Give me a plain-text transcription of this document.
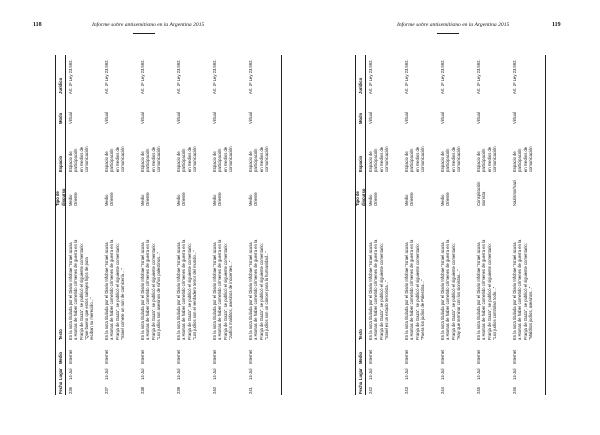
118	Informe sobre antisemitismo en la Argentina 2015
Fecha
Lugar
Medio
Texto
Tipo de discurso
Espacio
Modo
Jurídico
236
14-Jul
Internet
En la nota titulada por el Diario Infobae "Israel acusa a Hamas de haber cometido crímenes de guerra en la Franja de Gaza", se publicó el siguiente comentario: "Que bueno que estos salvajes hijos de puta reciban su merecido..."
Medio Oriente
Espacio de participación en medios de comunicación
Virtual
Art. 3º Ley 23.592.
237
14-Jul
Internet
En la nota titulada por el Diario Infobae "Israel acusa a Hamas de haber cometido crímenes de guerra en la Franja de Gaza", se publicó el siguiente comentario: "Israel comete un ruin de carnicería ..."
Medio Oriente
Espacio de participación en medios de comunicación
Virtual
Art. 3º Ley 23.592.
238
14-Jul
Internet
En la nota titulada por el Diario Infobae "Israel acusa a Hamas de haber cometido crímenes de guerra en la Franja de Gaza", se publicó el siguiente comentario: "Los judíos son asesinos de niños palestinos..."
Medio Oriente
Espacio de participación en medios de comunicación
Virtual
Art. 3º Ley 23.592.
239
14-Jul
Internet
En la nota titulada por el Diario Infobae "Israel acusa a Hamas de haber cometido crímenes de guerra en la Franja de Gaza", se publicó el siguiente comentario: "Los judíos son el verdadero terror del mundo..."
Medio Oriente
Espacio de participación en medios de comunicación
Virtual
Art. 3º Ley 23.592.
240
14-Jul
Internet
En la nota titulada por el Diario Infobae "Israel acusa a Hamas de haber cometido crímenes de guerra en la Franja de Gaza", se publicó el siguiente comentario: "Judíos malditos, asesinos de inocentes..."
Medio Oriente
Espacio de participación en medios de comunicación
Virtual
Art. 3º Ley 23.592.
241
14-Jul
Internet
En la nota titulada por el Diario Infobae "Israel acusa a Hamas de haber cometido crímenes de guerra en la Franja de Gaza", se publicó el siguiente comentario: "Los judíos son un cáncer para la humanidad..."
Medio Oriente
Espacio de participación en medios de comunicación
Virtual
Art. 3º Ley 23.592.
119
Informe sobre antisemitismo en la Argentina 2015
Fecha
Lugar
Medio
Texto
Tipo de discurso
Espacio
Modo
Jurídico
242
14-Jul
Internet
En la nota titulada por el Diario Infobae "Israel acusa a Hamas de haber cometido crímenes de guerra en la Franja de Gaza", se publicó el siguiente comentario: "Israel es un estado terrorista..."
Medio Oriente
Espacio de participación en medios de comunicación
Virtual
Art. 3º Ley 23.592.
243
14-Jul
Internet
En la nota titulada por el Diario Infobae "Israel acusa a Hamas de haber cometido crímenes de guerra en la Franja de Gaza", se publicó el siguiente comentario: "Fuera los judíos de Palestina..."
Medio Oriente
Espacio de participación en medios de comunicación
Virtual
Art. 3º Ley 23.592.
244
14-Jul
Internet
En la nota titulada por el Diario Infobae "Israel acusa a Hamas de haber cometido crímenes de guerra en la Franja de Gaza", se publicó el siguiente comentario: "Hay que terminar con los sionistas..."
Medio Oriente
Espacio de participación en medios de comunicación
Virtual
Art. 3º Ley 23.592.
245
14-Jul
Internet
En la nota titulada por el Diario Infobae "Israel acusa a Hamas de haber cometido crímenes de guerra en la Franja de Gaza", se publicó el siguiente comentario: "Los judíos controlan todo..."
Conspiración sionista
Espacio de participación en medios de comunicación
Virtual
Art. 3º Ley 23.592.
246
14-Jul
Internet
En la nota titulada por el Diario Infobae "Israel acusa a Hamas de haber cometido crímenes de guerra en la Franja de Gaza", se publicó el siguiente comentario: "Malditos judíos, asesinos..."
Nazismo/Nazi
Espacio de participación en medios de comunicación
Virtual
Art. 3º Ley 23.592.
